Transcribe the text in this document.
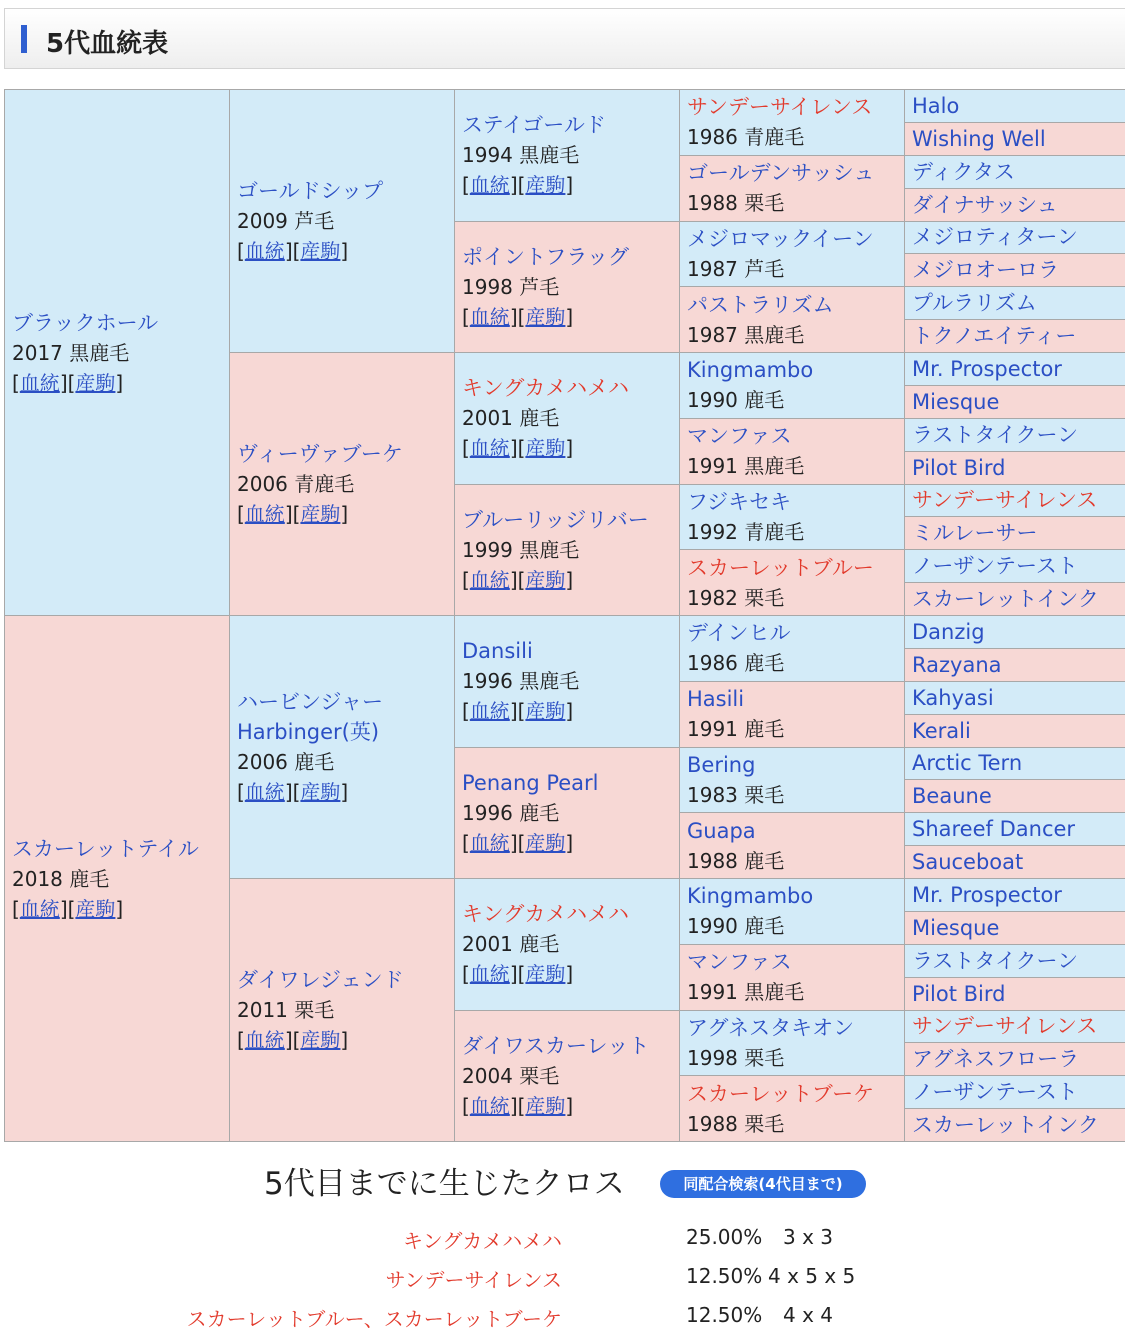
5代血統表
ブラックホール
2017 黒鹿毛
[血統][産駒]	ゴールドシップ
2009 芦毛
[血統][産駒]	ステイゴールド
1994 黒鹿毛
[血統][産駒]	サンデーサイレンス
1986 青鹿毛	Halo

				Wishing Well

			ゴールデンサッシュ
1988 栗毛	ディクタス

				ダイナサッシュ

		ポイントフラッグ
1998 芦毛
[血統][産駒]	メジロマックイーン
1987 芦毛	メジロティターン

				メジロオーロラ

			パストラリズム
1987 黒鹿毛	プルラリズム

				トクノエイティー

	ヴィーヴァブーケ
2006 青鹿毛
[血統][産駒]	キングカメハメハ
2001 鹿毛
[血統][産駒]	Kingmambo
1990 鹿毛	Mr. Prospector

				Miesque

			マンファス
1991 黒鹿毛	ラストタイクーン

				Pilot Bird

		ブルーリッジリバー
1999 黒鹿毛
[血統][産駒]	フジキセキ
1992 青鹿毛	サンデーサイレンス

				ミルレーサー

			スカーレットブルー
1982 栗毛	ノーザンテースト

				スカーレットインク

スカーレットテイル
2018 鹿毛
[血統][産駒]	ハービンジャー
Harbinger(英)
2006 鹿毛
[血統][産駒]	Dansili
1996 黒鹿毛
[血統][産駒]	デインヒル
1986 鹿毛	Danzig

				Razyana

			Hasili
1991 鹿毛	Kahyasi

				Kerali

		Penang Pearl
1996 鹿毛
[血統][産駒]	Bering
1983 栗毛	Arctic Tern

				Beaune

			Guapa
1988 鹿毛	Shareef Dancer

				Sauceboat

	ダイワレジェンド
2011 栗毛
[血統][産駒]	キングカメハメハ
2001 鹿毛
[血統][産駒]	Kingmambo
1990 鹿毛	Mr. Prospector

				Miesque

			マンファス
1991 黒鹿毛	ラストタイクーン

				Pilot Bird

		ダイワスカーレット
2004 栗毛
[血統][産駒]	アグネスタキオン
1998 栗毛	サンデーサイレンス

				アグネスフローラ

			スカーレットブーケ
1988 栗毛	ノーザンテースト

				スカーレットインク
5代目までに生じたクロス	同配合検索(4代目まで)
キングカメハメハ	25.00%	3 x 3
サンデーサイレンス	12.50% 4 x 5 x 5
スカーレットブルー、スカーレットブーケ	12.50%	4 x 4
